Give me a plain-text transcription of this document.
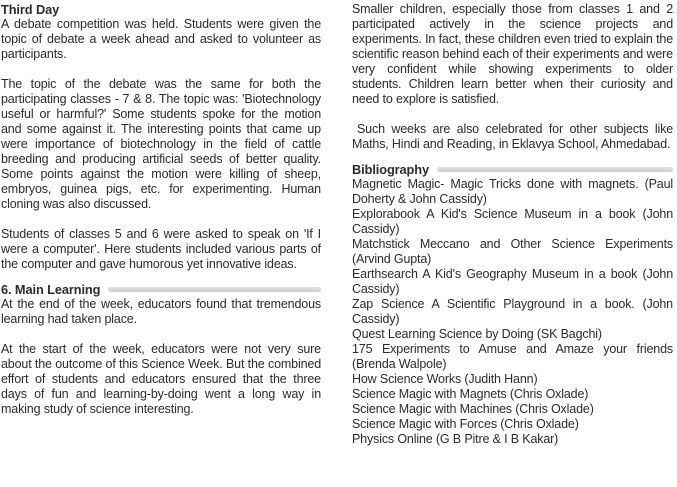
Third Day

A debate competition was held. Students were given the topic of debate a week ahead and asked to volunteer as participants.

The topic of the debate was the same for both the participating classes - 7 & 8. The topic was: 'Biotechnology useful or harmful?' Some students spoke for the motion and some against it. The interesting points that came up were importance of biotechnology in the field of cattle breeding and producing artificial seeds of better quality. Some points against the motion were killing of sheep, embryos, guinea pigs, etc. for experimenting. Human cloning was also discussed.

Students of classes 5 and 6 were asked to speak on 'If I were a computer'. Here students included various parts of the computer and gave humorous yet innovative ideas.

6. Main Learning

At the end of the week, educators found that tremendous learning had taken place.

At the start of the week, educators were not very sure about the outcome of this Science Week. But the combined effort of students and educators ensured that the three days of fun and learning-by-doing went a long way in making study of science interesting.

Smaller children, especially those from classes 1 and 2 participated actively in the science projects and experiments. In fact, these children even tried to explain the scientific reason behind each of their experiments and were very confident while showing experiments to older students. Children learn better when their curiosity and need to explore is satisfied.

Such weeks are also celebrated for other subjects like Maths, Hindi and Reading, in Eklavya School, Ahmedabad.

Bibliography

Magnetic Magic- Magic Tricks done with magnets. (Paul Doherty & John Cassidy)

Explorabook A Kid's Science Museum in a book (John Cassidy)

Matchstick Meccano and Other Science Experiments (Arvind Gupta)

Earthsearch A Kid's Geography Museum in a book (John Cassidy)

Zap Science A Scientific Playground in a book. (John Cassidy)

Quest Learning Science by Doing (SK Bagchi)

175 Experiments to Amuse and Amaze your friends (Brenda Walpole)

How Science Works (Judith Hann)

Science Magic with Magnets (Chris Oxlade)

Science Magic with Machines (Chris Oxlade)

Science Magic with Forces (Chris Oxlade)

Physics Online (G B Pitre & I B Kakar)
